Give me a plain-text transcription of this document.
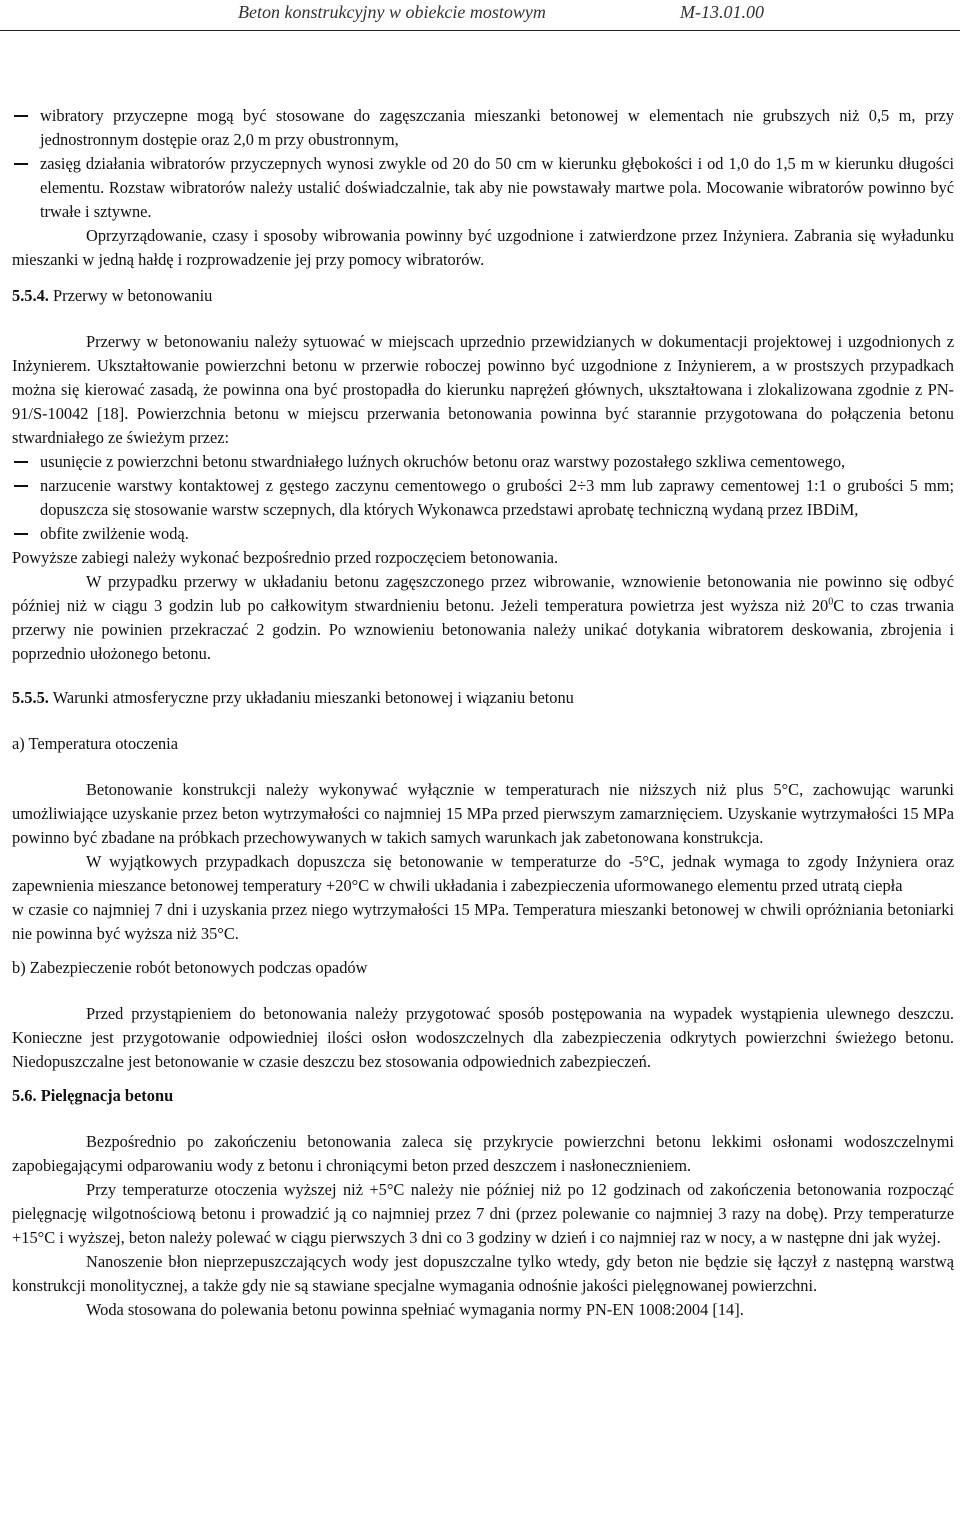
Beton konstrukcyjny w obiekcie mostowym	M-13.01.00

wibratory przyczepne mogą być stosowane do zagęszczania mieszanki betonowej w elementach nie grubszych niż 0,5 m, przy jednostronnym dostępie oraz 2,0 m przy obustronnym,

zasięg działania wibratorów przyczepnych wynosi zwykle od 20 do 50 cm w kierunku głębokości i od 1,0 do 1,5 m w kierunku długości elementu. Rozstaw wibratorów należy ustalić doświadczalnie, tak aby nie powstawały martwe pola. Mocowanie wibratorów powinno być trwałe i sztywne.

Oprzyrządowanie, czasy i sposoby wibrowania powinny być uzgodnione i zatwierdzone przez Inżyniera. Zabrania się wyładunku mieszanki w jedną hałdę i rozprowadzenie jej przy pomocy wibratorów.

5.5.4. Przerwy w betonowaniu

Przerwy w betonowaniu należy sytuować w miejscach uprzednio przewidzianych w dokumentacji projektowej i uzgodnionych z Inżynierem. Ukształtowanie powierzchni betonu w przerwie roboczej powinno być uzgodnione z Inżynierem, a w prostszych przypadkach można się kierować zasadą, że powinna ona być prostopadła do kierunku naprężeń głównych, ukształtowana i zlokalizowana zgodnie z PN-91/S-10042 [18]. Powierzchnia betonu w miejscu przerwania betonowania powinna być starannie przygotowana do połączenia betonu stwardniałego ze świeżym przez:

usunięcie z powierzchni betonu stwardniałego luźnych okruchów betonu oraz warstwy pozostałego szkliwa cementowego,

narzucenie warstwy kontaktowej z gęstego zaczynu cementowego o grubości 2÷3 mm lub zaprawy cementowej 1:1 o grubości 5 mm; dopuszcza się stosowanie warstw sczepnych, dla których Wykonawca przedstawi aprobatę techniczną wydaną przez IBDiM,

obfite zwilżenie wodą.

Powyższe zabiegi należy wykonać bezpośrednio przed rozpoczęciem betonowania.

W przypadku przerwy w układaniu betonu zagęszczonego przez wibrowanie, wznowienie betonowania nie powinno się odbyć później niż w ciągu 3 godzin lub po całkowitym stwardnieniu betonu. Jeżeli temperatura powietrza jest wyższa niż $20^0C$ to czas trwania przerwy nie powinien przekraczać 2 godzin. Po wznowieniu betonowania należy unikać dotykania wibratorem deskowania, zbrojenia i poprzednio ułożonego betonu.

5.5.5. Warunki atmosferyczne przy układaniu mieszanki betonowej i wiązaniu betonu

a) Temperatura otoczenia

Betonowanie konstrukcji należy wykonywać wyłącznie w temperaturach nie niższych niż plus 5°C, zachowując warunki umożliwiające uzyskanie przez beton wytrzymałości co najmniej 15 MPa przed pierwszym zamarznięciem. Uzyskanie wytrzymałości 15 MPa powinno być zbadane na próbkach przechowywanych w takich samych warunkach jak zabetonowana konstrukcja.

W wyjątkowych przypadkach dopuszcza się betonowanie w temperaturze do -5°C, jednak wymaga to zgody Inżyniera oraz zapewnienia mieszance betonowej temperatury +20°C w chwili układania i zabezpieczenia uformowanego elementu przed utratą ciepła

w czasie co najmniej 7 dni i uzyskania przez niego wytrzymałości 15 MPa. Temperatura mieszanki betonowej w chwili opróżniania betoniarki nie powinna być wyższa niż 35°C.

b) Zabezpieczenie robót betonowych podczas opadów

Przed przystąpieniem do betonowania należy przygotować sposób postępowania na wypadek wystąpienia ulewnego deszczu. Konieczne jest przygotowanie odpowiedniej ilości osłon wodoszczelnych dla zabezpieczenia odkrytych powierzchni świeżego betonu. Niedopuszczalne jest betonowanie w czasie deszczu bez stosowania odpowiednich zabezpieczeń.

5.6. Pielęgnacja betonu

Bezpośrednio po zakończeniu betonowania zaleca się przykrycie powierzchni betonu lekkimi osłonami wodoszczelnymi zapobiegającymi odparowaniu wody z betonu i chroniącymi beton przed deszczem i nasłonecznieniem.

Przy temperaturze otoczenia wyższej niż +5°C należy nie później niż po 12 godzinach od zakończenia betonowania rozpocząć pielęgnację wilgotnościową betonu i prowadzić ją co najmniej przez 7 dni (przez polewanie co najmniej 3 razy na dobę). Przy temperaturze +15°C i wyższej, beton należy polewać w ciągu pierwszych 3 dni co 3 godziny w dzień i co najmniej raz w nocy, a w następne dni jak wyżej.

Nanoszenie błon nieprzepuszczających wody jest dopuszczalne tylko wtedy, gdy beton nie będzie się łączył z następną warstwą konstrukcji monolitycznej, a także gdy nie są stawiane specjalne wymagania odnośnie jakości pielęgnowanej powierzchni.

Woda stosowana do polewania betonu powinna spełniać wymagania normy PN-EN 1008:2004 [14].
